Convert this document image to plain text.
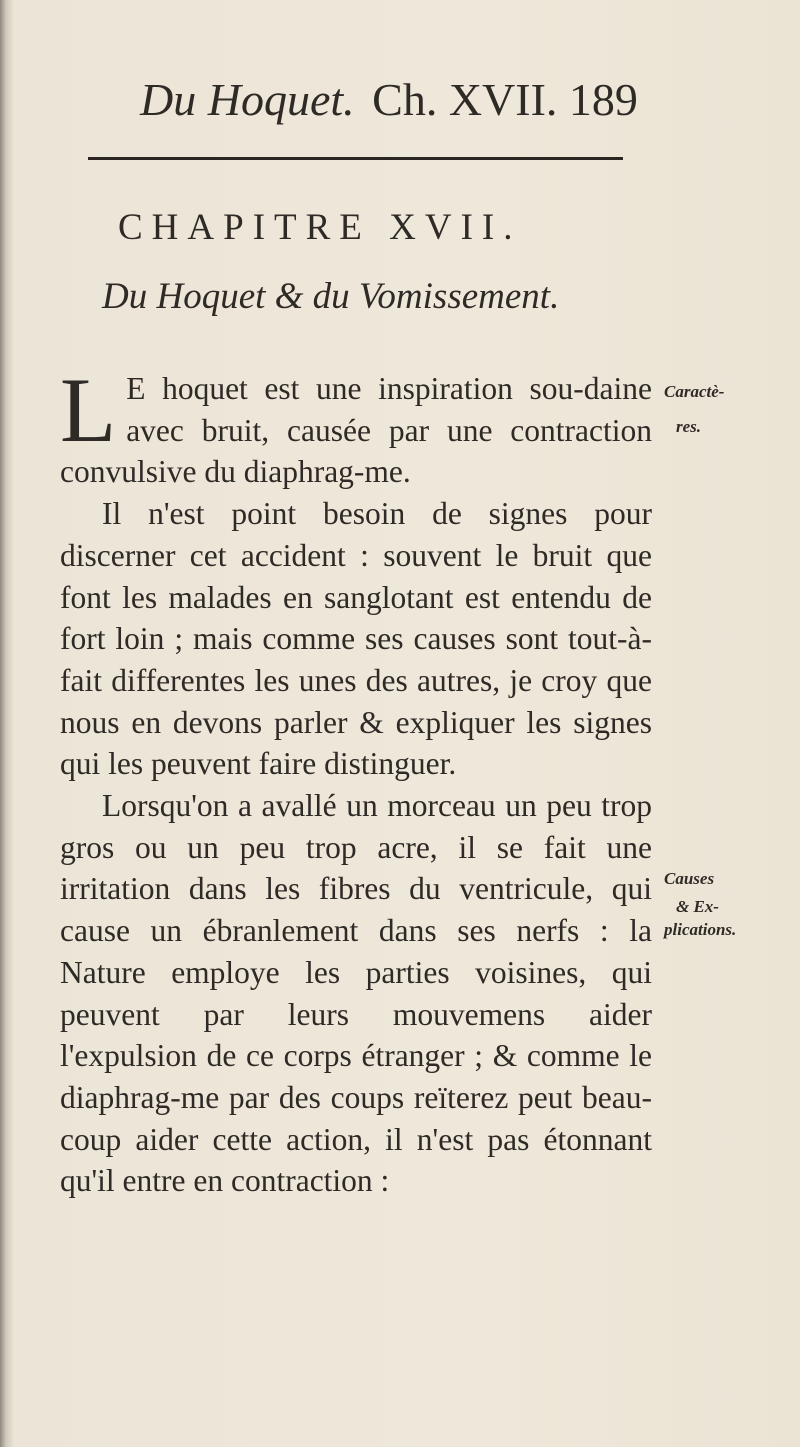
Du Hoquet. Ch. XVII. 189
CHAPITRE XVII.
Du Hoquet & du Vomissement.

L E hoquet est une inspiration sou-daine avec bruit, causée par une contraction convulsive du diaphrag-me.

Il n'est point besoin de signes pour discerner cet accident : souvent le bruit que font les malades en sanglotant est entendu de fort loin ; mais comme ses causes sont tout-à-fait differentes les unes des autres, je croy que nous en devons parler & expliquer les signes qui les peuvent faire distinguer.

Lorsqu'on a avallé un morceau un peu trop gros ou un peu trop acre, il se fait une irritation dans les fibres du ventricule, qui cause un ébranlement dans ses nerfs : la Nature employe les parties voisines, qui peuvent par leurs mouvemens aider l'expulsion de ce corps étranger ; & comme le diaphrag-me par des coups reïterez peut beau-coup aider cette action, il n'est pas étonnant qu'il entre en contraction :

Caractè-
res.
Causes
& Ex-
plications.
